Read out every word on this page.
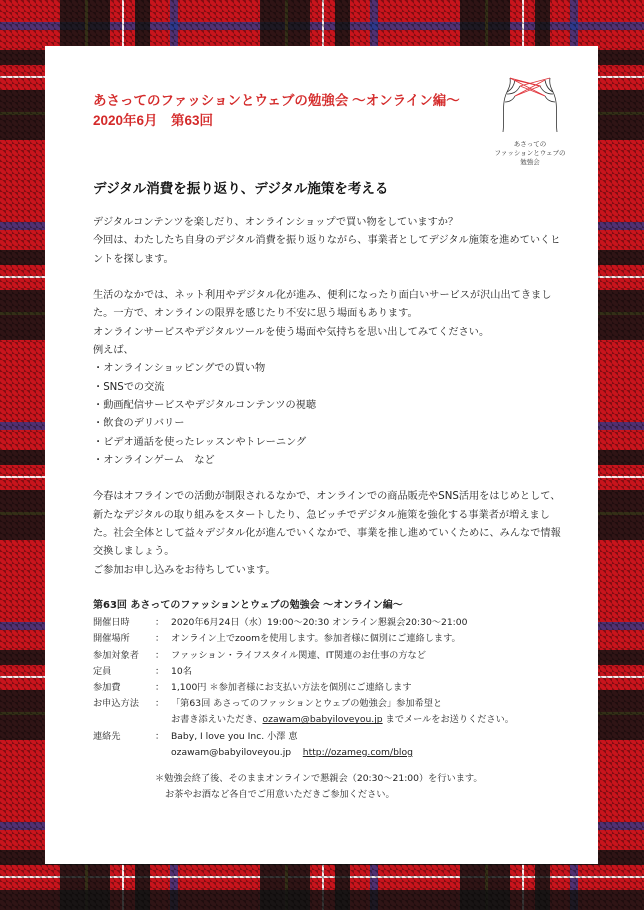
あさってのファッションとウェブの勉強会 〜オンライン編〜
2020年6月　第63回
あさっての
ファッションとウェブの
勉強会
デジタル消費を振り返り、デジタル施策を考える

デジタルコンテンツを楽しだり、オンラインショップで買い物をしていますか？

今回は、わたしたち自身のデジタル消費を振り返りながら、事業者としてデジタル施策を進めていくヒントを探します。

生活のなかでは、ネット利用やデジタル化が進み、便利になったり面白いサービスが沢山出てきました。一方で、オンラインの限界を感じたり不安に思う場面もあります。

オンラインサービスやデジタルツールを使う場面や気持ちを思い出してみてください。

例えば、

・ オンラインショッピングでの買い物
・ SNSでの交流
・ 動画配信サービスやデジタルコンテンツの視聴
・ 飲食のデリバリー
・ ビデオ通話を使ったレッスンやトレーニング
・ オンラインゲーム　など

今春はオフラインでの活動が制限されるなかで、オンラインでの商品販売やSNS活用をはじめとして、新たなデジタルの取り組みをスタートしたり、急ピッチでデジタル施策を強化する事業者が増えました。社会全体として益々デジタル化が進んでいくなかで、事業を推し進めていくために、みんなで情報交換しましょう。

ご参加お申し込みをお待ちしています。

第63回 あさってのファッションとウェブの勉強会 〜オンライン編〜
開催日時	： 2020年6月24日（水）19:00〜20:30 オンライン懇親会20:30〜21:00
開催場所	： オンライン上でzoomを使用します。参加者様に個別にご連絡します。
参加対象者	： ファッション・ライフスタイル関連、IT関連のお仕事の方など
定員	： 10名
参加費	： 1,100円 ＊参加者様にお支払い方法を個別にご連絡します
お申込方法	： 「第63回 あさってのファッションとウェブの勉強会」参加希望と
お書き添えいただき、ozawam@babyiloveyou.jp までメールをお送りください。
連絡先	： Baby, I love you Inc. 小澤 恵
ozawam@babyiloveyou.jp http://ozameg.com/blog
＊勉強会終了後、そのままオンラインで懇親会（20:30〜21:00）を行います。
お茶やお酒など各自でご用意いただきご参加ください。
